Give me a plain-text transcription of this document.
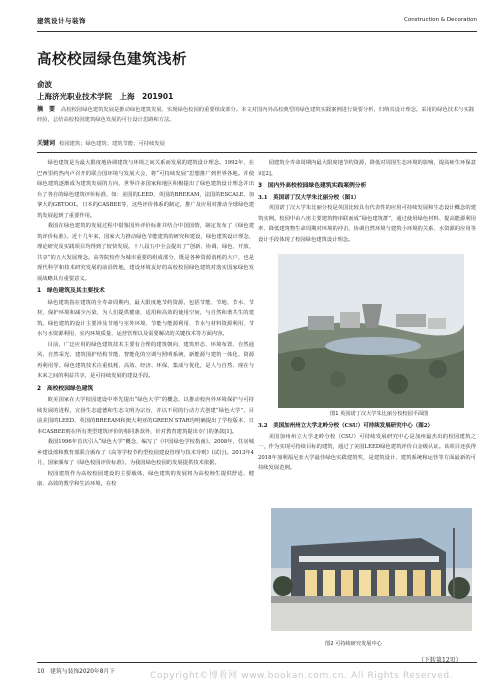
建筑设计与装饰	Construction & Decoration
高校校园绿色建筑浅析
俞波
上海济光职业技术学院　上海　201901
摘　要 高校校园绿色建筑发展是推动绿色建筑发展、实现绿色校园的重要组成部分。本文对国内外高校典型的绿色建筑实践案例进行简要分析，归纳其设计理念。采用的绿色技术与实践经验，总结高校校园建筑绿色发展的可行设计思路和方法。
关键词 校园建筑；绿色建筑；建筑节能；可持续发展

绿色建筑是为最大限度地协调建筑与环境之间关系而发展的建筑设计理念。1992年，在巴西里约热内卢召开的联合国环境与发展大会，将“可持续发展”思想推广到世界各地。并使绿色建筑逐渐成为建筑发展的方向，世界许多国家和地区积极提出了绿色建筑设计理念并出台了各自的绿色建筑评价标准，如：美国的LEED，英国的BREEAM，法国的ESCALE，加拿大的GBTOOL，日本的CASBEE等，这些评价体系的制定，推广及应用对推动全球绿色建筑发展起到了重要作用。

我国在绿色建筑的发展过程中借鉴国外评价标准并结合中国国情，制定发布了《绿色建筑评价标准》。近十几年来，国家大力推动绿色节能建筑的研究和建设，绿色建筑设计理念，理论研究及实践项目均得到了较快发展。十八届五中全会提出了“创新、协调、绿色、开放、共享”的五大发展理念。高等院校作为城市重要的组成部分，既是各种资源消耗的大户，也是现代科学和技术研究发展的前沿阵地，建设环境友好的高校校园绿色建筑对落实国家绿色发展战略具有重要意义。

1　绿色建筑及其主要技术

绿色建筑指在建筑的全寿命周期内，最大限度地节约资源，包括节能、节地、节水、节材，保护环境和减少污染，为人们提供健康、适用和高效的使用空间，与自然和谐共生的建筑。绿色建筑的设计主要涉及节地与室外环境、节能与能源利用、节水与材料资源利用、节水与水资源利用、室内环境质量、运营管理以及需要解决的关键技术等方面内容。

目前，广泛应用的绿色建筑技术主要有合理的建筑朝向、建筑形态、环境布置、自然通风、自然采光、建筑围护结构节能、智能化的空调与照明系统、新能源与建筑一体化、资源再利用等。绿色建筑技术注重低耗、高效、经济、环保、集成与优化，是人与自然、现在与未来之间的利益共享，是可持续发展的建设手段。

2　高校校园绿色建筑

欧美国家在大学校园建设中率先提出“绿色大学”的概念，以推动校内外环境保护与可持续发展的进程，宣扬生态道德和生态文明为宗旨，并以不同的行动方式创建“绿色大学”，目前美国的LEED、英国的BREEAM和澳大利亚的GREEN STAR均明确提出了学校版本，日本CASBEE则在所有类型建筑评价的相同条款外，针对教育建筑提出专门的条款[1]。

我国1996年首次引入“绿色大学”概念，编写了《中国绿色学校指南》。2008年，住房城乡建设部和教育部联合颁布了《高等学校节约型校园建设管理与技术导则》(试行)。2013年4月，国家颁布了《绿色校园评价标准》，为我国绿色校园的发展提供技术依据。

校园建筑作为高校校园建设的主要载体，绿色建筑的发展将为高校师生提供舒适、健康、高效的教学和生活环境。在校

园建筑全寿命周期内最大限度地节约资源，降低对周围生态环境的影响，提高师生环保意识[2]。

3　国内外高校校园绿色建筑实践案例分析
3.1　英国诺丁汉大学朱比丽分校（图1）

英国诺丁汉大学朱比丽分校是英国比较具有代表性的应用可持续发展和生态设计概念的建筑实例。校园中由八座主要建筑物串联而成“绿色建筑群”，通过使用绿色材料、提高能源利用率、降低建筑物生命周期对环境的冲击、协调自然环境与建筑小环境的关系、水资源的应用等设计手段体现了校园绿色建筑设计理念。

图1 英国诺丁汉大学朱比丽分校校园平面图
3.2　美国加州州立大学北岭分校（CSU）可持续发展研究中心（图2）

美国加州州立大学北岭分校（CSU）可持续发展研究中心是加州最杰出的校园建筑之一，作为实现可持续目标的建筑，通过了美国LEED绿色建筑评价白金级认证。该项目还获得2018年加利福尼亚大学最佳绿色实践建筑奖，是建筑设计、建筑系统和运营等方面最新的可持续发展范例。

图2 可持续研究发展中心
（下转第12页）
10　建筑与装饰2020年8月下	Copyright©博看网 www.bookan.com.cn. All Rights Reserved.
